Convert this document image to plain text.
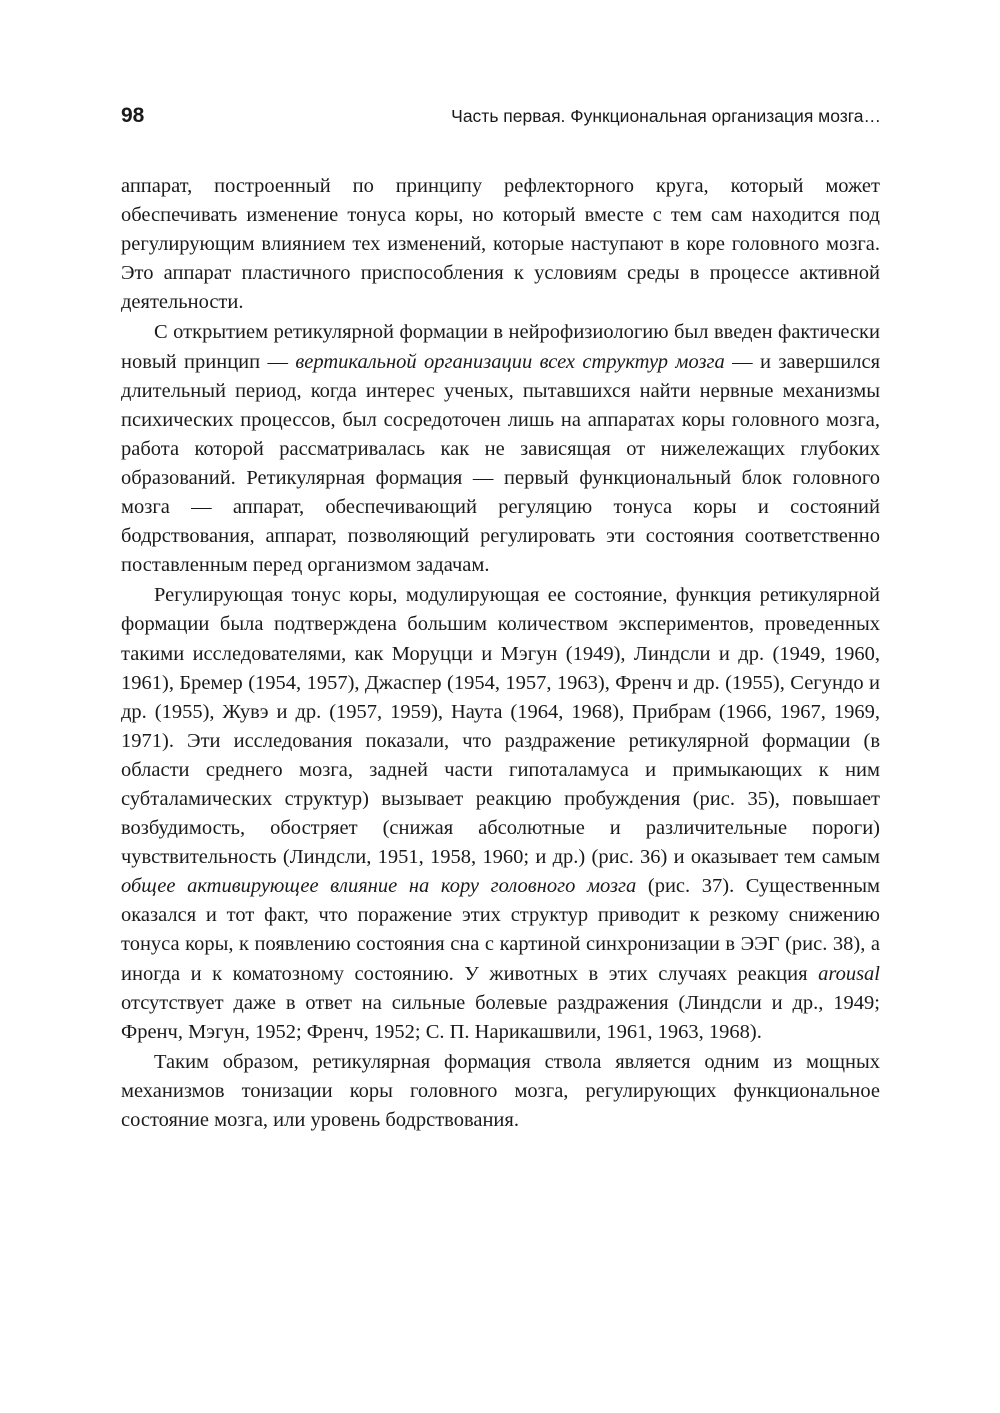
98	Часть первая. Функциональная организация мозга…

аппарат, построенный по принципу рефлекторного круга, который может обеспечивать изменение тонуса коры, но который вместе с тем сам находится под регулирующим влиянием тех изменений, которые наступают в коре головного мозга. Это аппарат пластичного приспособления к условиям среды в процессе активной деятельности.

С открытием ретикулярной формации в нейрофизиологию был введен фактически новый принцип — вертикальной организации всех структур мозга — и завершился длительный период, когда интерес ученых, пытавшихся найти нервные механизмы психических процессов, был сосредоточен лишь на аппаратах коры головного мозга, работа которой рассматривалась как не зависящая от нижележащих глубоких образований. Ретикулярная формация — первый функциональный блок головного мозга — аппарат, обеспечивающий регуляцию тонуса коры и состояний бодрствования, аппарат, позволяющий регулировать эти состояния соответственно поставленным перед организмом задачам.

Регулирующая тонус коры, модулирующая ее состояние, функция ретикулярной формации была подтверждена большим количеством экспериментов, проведенных такими исследователями, как Моруцци и Мэгун (1949), Линдсли и др. (1949, 1960, 1961), Бремер (1954, 1957), Джаспер (1954, 1957, 1963), Френч и др. (1955), Сегундо и др. (1955), Жувэ и др. (1957, 1959), Наута (1964, 1968), Прибрам (1966, 1967, 1969, 1971). Эти исследования показали, что раздражение ретикулярной формации (в области среднего мозга, задней части гипоталамуса и примыкающих к ним субталамических структур) вызывает реакцию пробуждения (рис. 35), повышает возбудимость, обостряет (снижая абсолютные и различительные пороги) чувствительность (Линдсли, 1951, 1958, 1960; и др.) (рис. 36) и оказывает тем самым общее активирующее влияние на кору головного мозга (рис. 37). Существенным оказался и тот факт, что поражение этих структур приводит к резкому снижению тонуса коры, к появлению состояния сна с картиной синхронизации в ЭЭГ (рис. 38), а иногда и к коматозному состоянию. У животных в этих случаях реакция arousal отсутствует даже в ответ на сильные болевые раздражения (Линдсли и др., 1949; Френч, Мэгун, 1952; Френч, 1952; С. П. Нарикашвили, 1961, 1963, 1968).

Таким образом, ретикулярная формация ствола является одним из мощных механизмов тонизации коры головного мозга, регулирующих функциональное состояние мозга, или уровень бодрствования.
